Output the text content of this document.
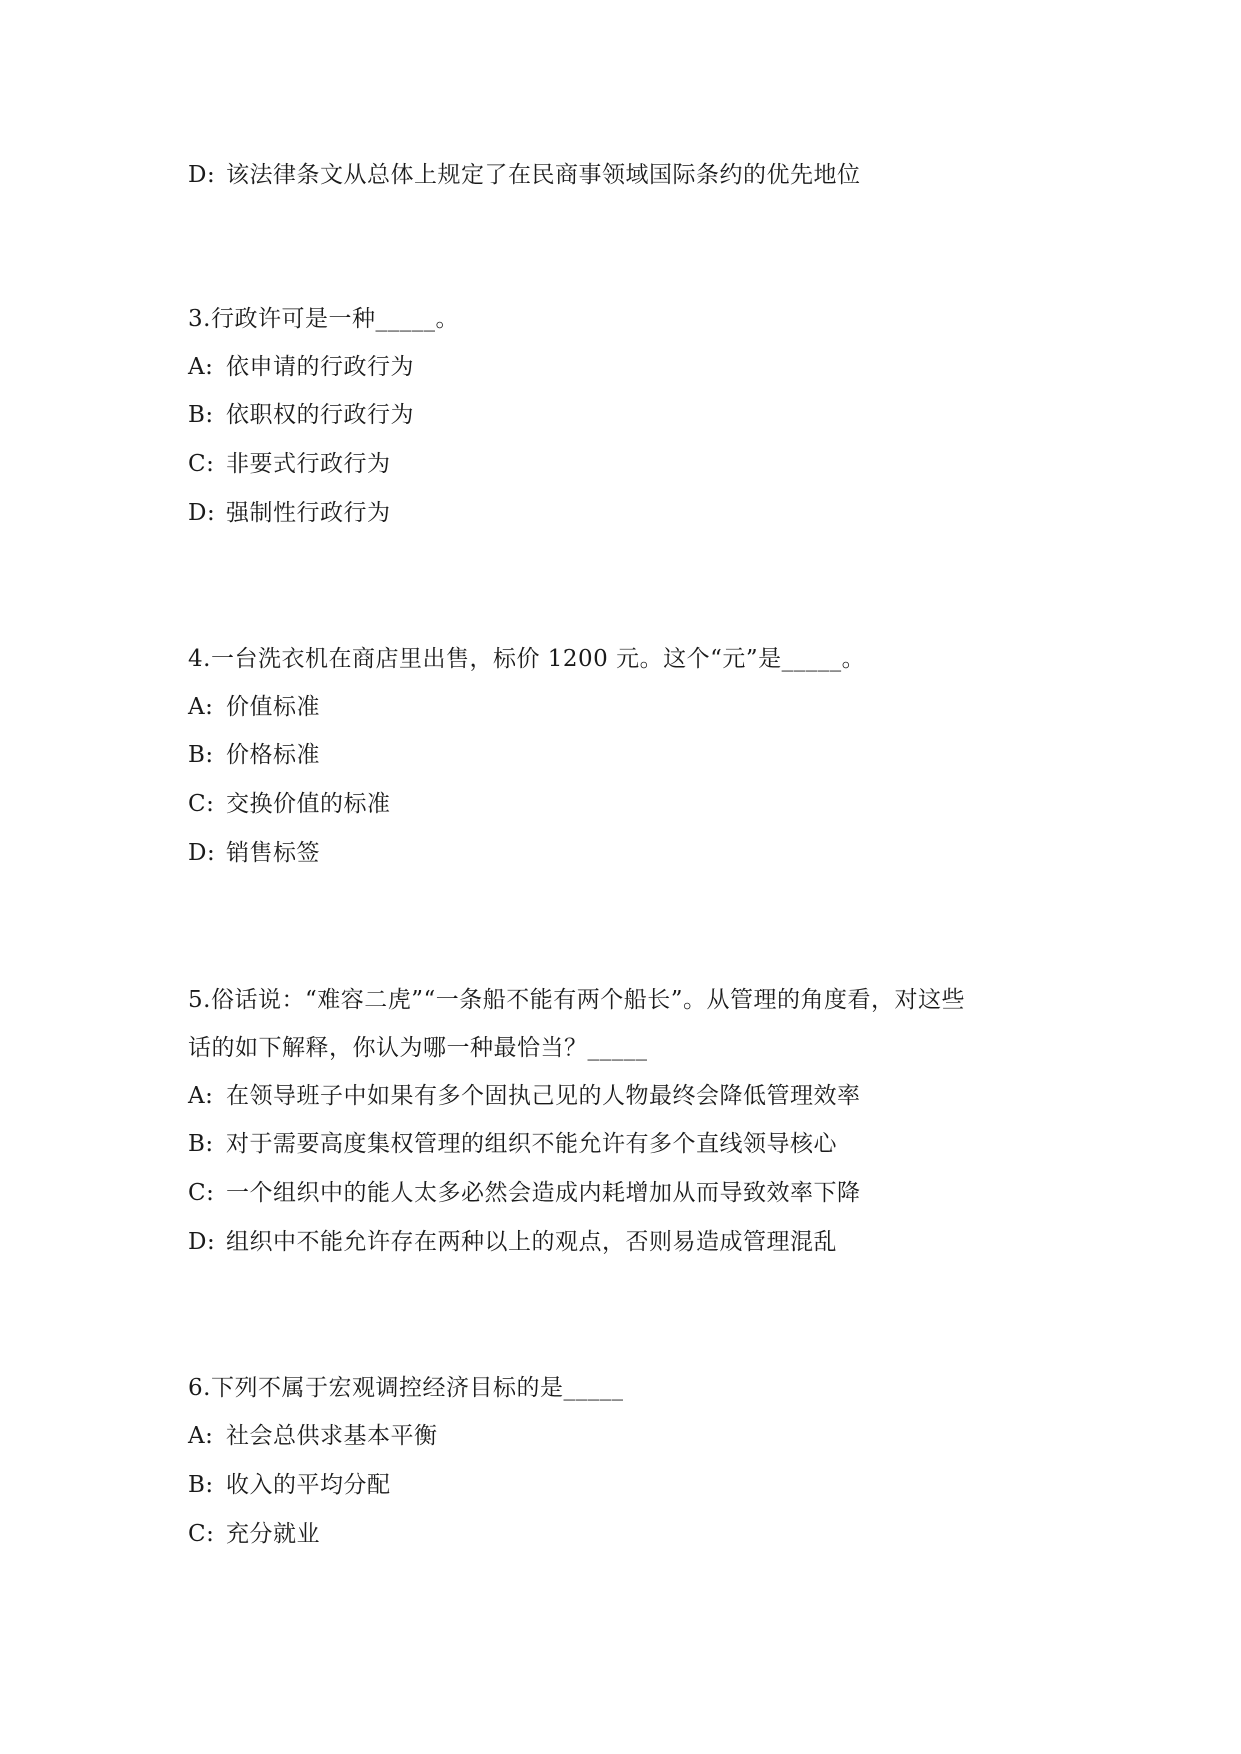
D: 该法律条文从总体上规定了在民商事领域国际条约的优先地位
3.行政许可是一种_____。
A: 依申请的行政行为
B: 依职权的行政行为
C: 非要式行政行为
D: 强制性行政行为
4.一台洗衣机在商店里出售，标价 1200 元。这个“元”是_____。
A: 价值标准
B: 价格标准
C: 交换价值的标准
D: 销售标签
5.俗话说：“难容二虎”“一条船不能有两个船长”。从管理的角度看，对这些
话的如下解释，你认为哪一种最恰当？_____
A: 在领导班子中如果有多个固执己见的人物最终会降低管理效率
B: 对于需要高度集权管理的组织不能允许有多个直线领导核心
C: 一个组织中的能人太多必然会造成内耗增加从而导致效率下降
D: 组织中不能允许存在两种以上的观点，否则易造成管理混乱
6.下列不属于宏观调控经济目标的是_____
A: 社会总供求基本平衡
B: 收入的平均分配
C: 充分就业
